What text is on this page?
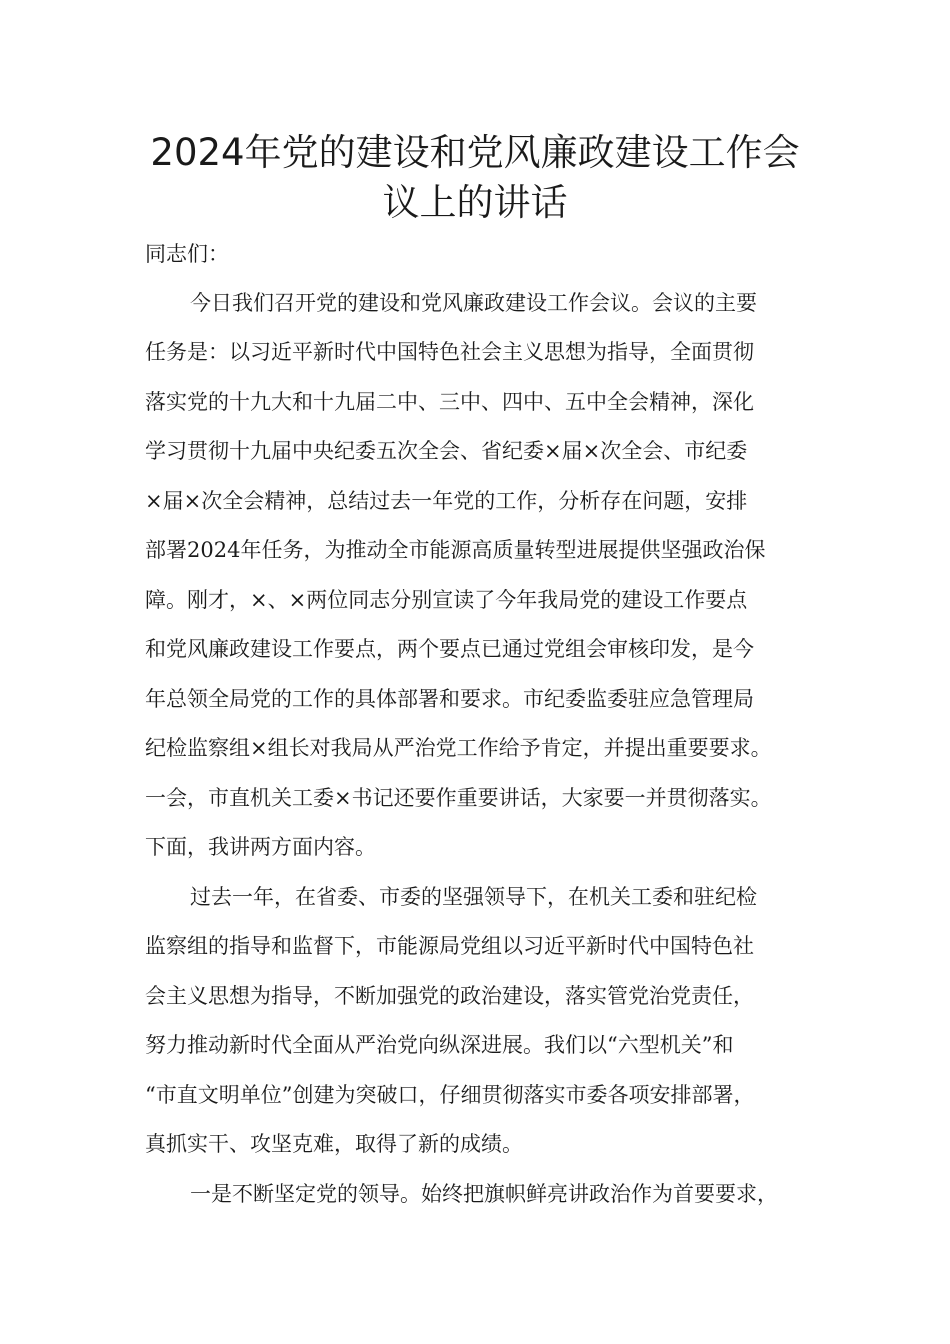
2024年党的建设和党风廉政建设工作会
议上的讲话

同志们：

今日我们召开党的建设和党风廉政建设工作会议。会议的主要

任务是：以习近平新时代中国特色社会主义思想为指导，全面贯彻

落实党的十九大和十九届二中、三中、四中、五中全会精神，深化

学习贯彻十九届中央纪委五次全会、省纪委×届×次全会、市纪委

×届×次全会精神，总结过去一年党的工作，分析存在问题，安排

部署2024年任务，为推动全市能源高质量转型进展提供坚强政治保

障。刚才，×、×两位同志分别宣读了今年我局党的建设工作要点

和党风廉政建设工作要点，两个要点已通过党组会审核印发，是今

年总领全局党的工作的具体部署和要求。市纪委监委驻应急管理局

纪检监察组×组长对我局从严治党工作给予肯定，并提出重要要求。

一会，市直机关工委×书记还要作重要讲话，大家要一并贯彻落实。

下面，我讲两方面内容。

过去一年，在省委、市委的坚强领导下，在机关工委和驻纪检

监察组的指导和监督下，市能源局党组以习近平新时代中国特色社

会主义思想为指导，不断加强党的政治建设，落实管党治党责任，

努力推动新时代全面从严治党向纵深进展。我们以“六型机关”和

“市直文明单位”创建为突破口，仔细贯彻落实市委各项安排部署，

真抓实干、攻坚克难，取得了新的成绩。

一是不断坚定党的领导。始终把旗帜鲜亮讲政治作为首要要求，
